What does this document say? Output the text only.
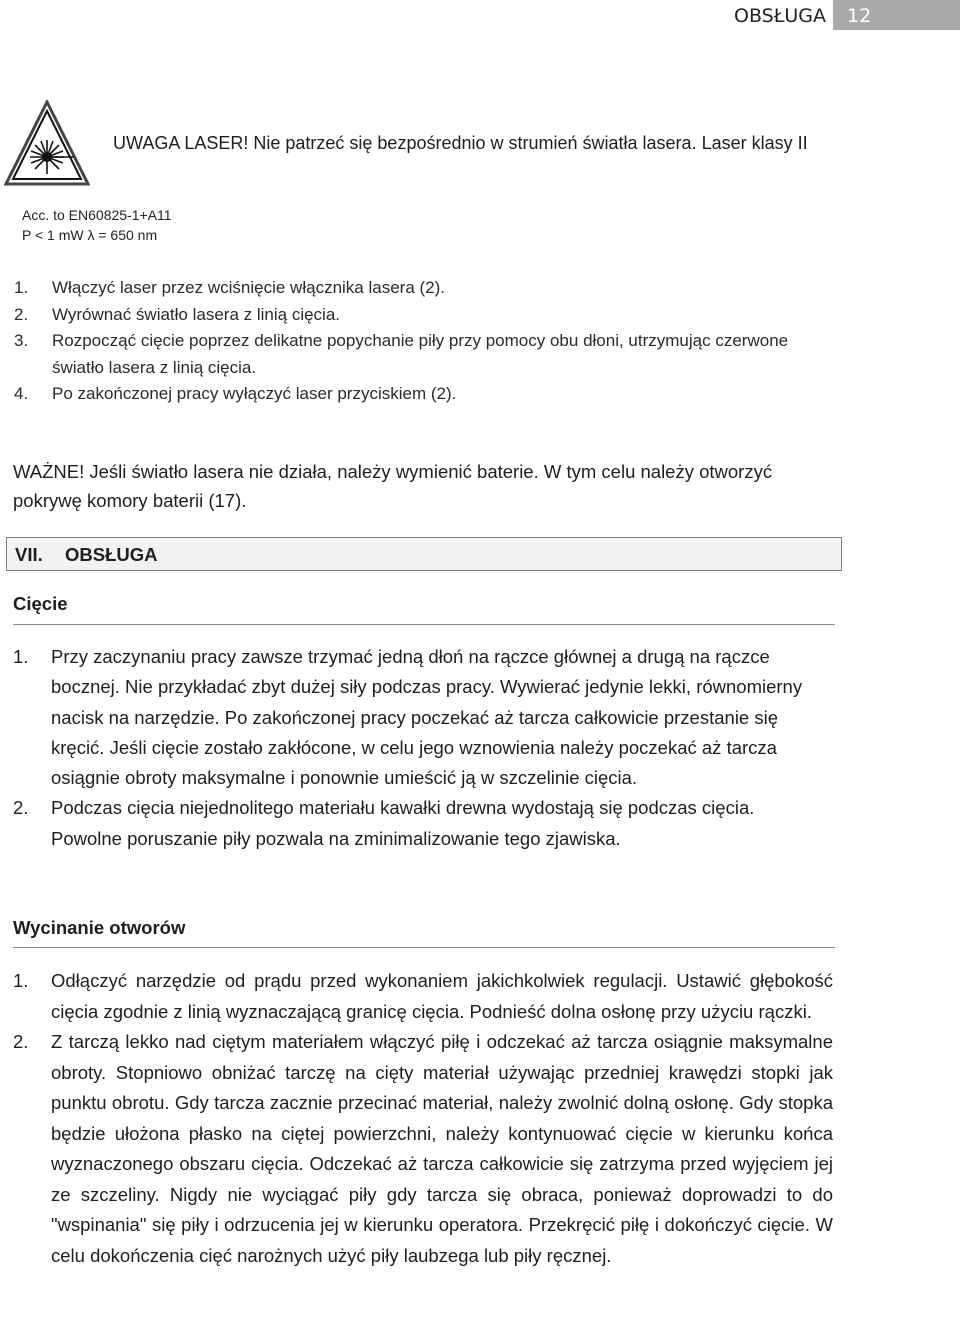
OBSŁUGA	12
UWAGA LASER! Nie patrzeć się bezpośrednio w strumień światła lasera. Laser klasy II
Acc. to EN60825-1+A11
P < 1 mW λ = 650 nm
1. Włączyć laser przez wciśnięcie włącznika lasera (2).
2. Wyrównać światło lasera z linią cięcia.
3. Rozpocząć cięcie poprzez delikatne popychanie piły przy pomocy obu dłoni, utrzymując czerwone światło lasera z linią cięcia.
4. Po zakończonej pracy wyłączyć laser przyciskiem (2).
WAŻNE! Jeśli światło lasera nie działa, należy wymienić baterie. W tym celu należy otworzyć pokrywę komory baterii (17).
VII. OBSŁUGA
Cięcie
1. Przy zaczynaniu pracy zawsze trzymać jedną dłoń na rączce głównej a drugą na rączce bocznej. Nie przykładać zbyt dużej siły podczas pracy. Wywierać jedynie lekki, równomierny nacisk na narzędzie. Po zakończonej pracy poczekać aż tarcza całkowicie przestanie się kręcić. Jeśli cięcie zostało zakłócone, w celu jego wznowienia należy poczekać aż tarcza osiągnie obroty maksymalne i ponownie umieścić ją w szczelinie cięcia.
2. Podczas cięcia niejednolitego materiału kawałki drewna wydostają się podczas cięcia. Powolne poruszanie piły pozwala na zminimalizowanie tego zjawiska.
Wycinanie otworów
1. Odłączyć narzędzie od prądu przed wykonaniem jakichkolwiek regulacji. Ustawić głębokość cięcia zgodnie z linią wyznaczającą granicę cięcia. Podnieść dolna osłonę przy użyciu rączki.
2. Z tarczą lekko nad ciętym materiałem włączyć piłę i odczekać aż tarcza osiągnie maksymalne obroty. Stopniowo obniżać tarczę na cięty materiał używając przedniej krawędzi stopki jak punktu obrotu. Gdy tarcza zacznie przecinać materiał, należy zwolnić dolną osłonę. Gdy stopka będzie ułożona płasko na ciętej powierzchni, należy kontynuować cięcie w kierunku końca wyznaczonego obszaru cięcia. Odczekać aż tarcza całkowicie się zatrzyma przed wyjęciem jej ze szczeliny. Nigdy nie wyciągać piły gdy tarcza się obraca, ponieważ doprowadzi to do "wspinania" się piły i odrzucenia jej w kierunku operatora. Przekręcić piłę i dokończyć cięcie. W celu dokończenia cięć narożnych użyć piły laubzega lub piły ręcznej.
